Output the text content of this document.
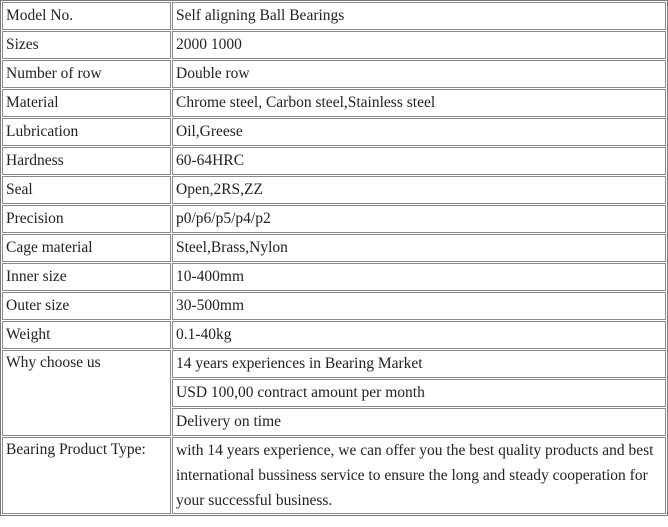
Model No.	Self aligning Ball Bearings
Sizes	2000 1000
Number of row	Double row
Material	Chrome steel, Carbon steel,Stainless steel
Lubrication	Oil,Greese
Hardness	60-64HRC
Seal	Open,2RS,ZZ
Precision	p0/p6/p5/p4/p2
Cage material	Steel,Brass,Nylon
Inner size	10-400mm
Outer size	30-500mm
Weight	0.1-40kg
Why choose us	14 years experiences in Bearing Market
	USD 100,00 contract amount per month
	Delivery on time
Bearing Product Type:	with 14 years experience, we can offer you the best quality products and best international bussiness service to ensure the long and steady cooperation for your successful business.
